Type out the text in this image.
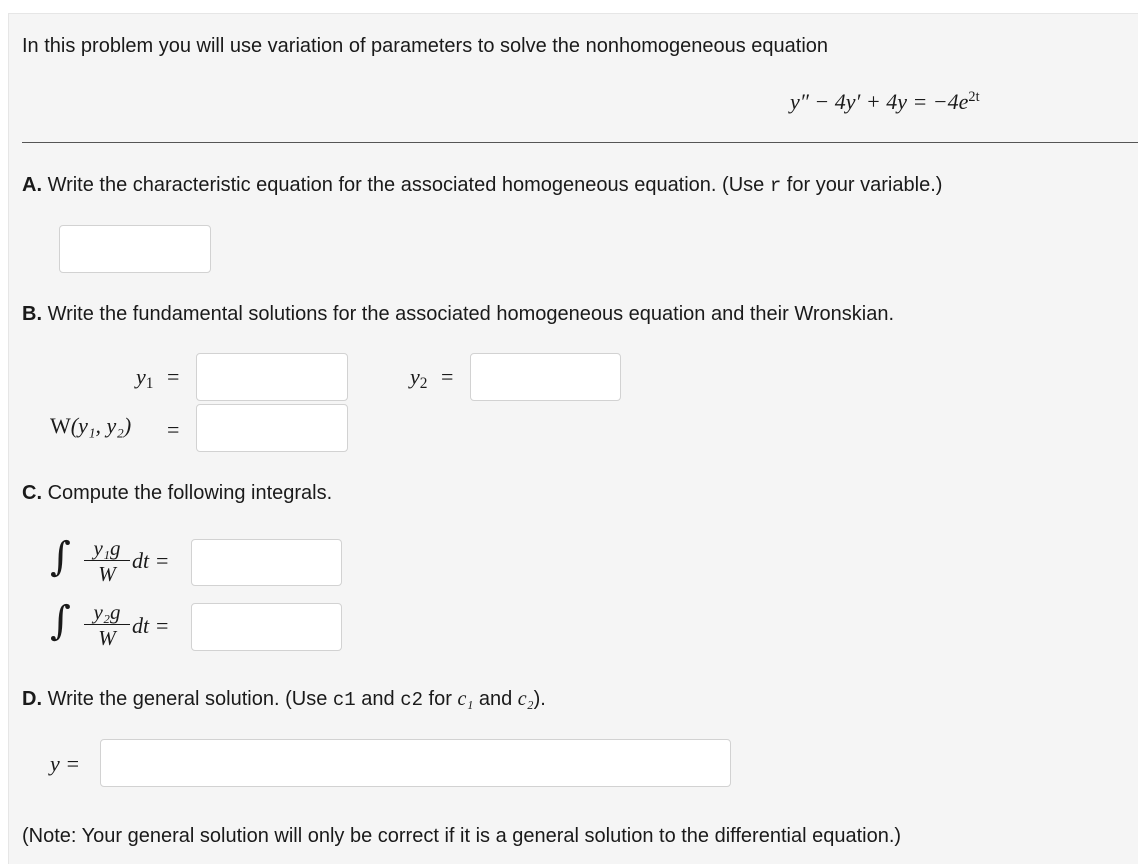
In this problem you will use variation of parameters to solve the nonhomogeneous equation
$y'' - 4y' + 4y = -4e^{2t}$
A. Write the characteristic equation for the associated homogeneous equation. (Use r for your variable.)
B. Write the fundamental solutions for the associated homogeneous equation and their Wronskian.
$y_1$ =	$y_2$ =
W(y₁, y₂) =
C. Compute the following integrals.
∫	y₁g
W
dt =
∫	y₂g
W dt =
D. Write the general solution. (Use c1 and c2 for c₁ and c₂).
y =
(Note: Your general solution will only be correct if it is a general solution to the differential equation.)
